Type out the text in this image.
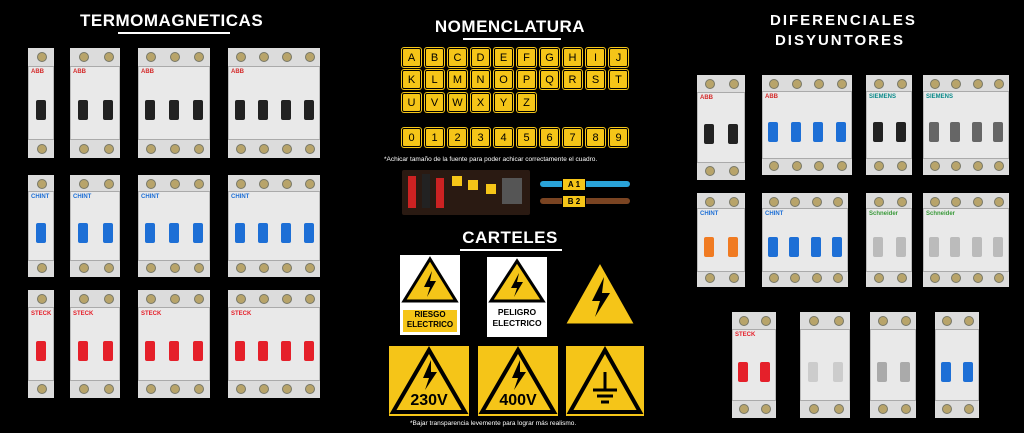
TERMOMAGNETICAS	NOMENCLATURA	DIFERENCIALES
DISYUNTORES
CARTELES
ABB	ABB	ABB	ABB
CHINT	CHINT	CHINT	CHINT
STECK	STECK	STECK	STECK
ABB	ABB	SIEMENS	SIEMENS
CHINT	CHINT	Schneider	Schneider
STECK
A	B	C	D	E	F	G	H	I	J
K	L	M	N	O	P	Q	R	S	T
U	V	W	X	Y	Z
0	1	2	3	4	5	6	7	8	9
*Achicar tamaño de la fuente para poder achicar correctamente el cuadro.
*Bajar transparencia levemente para lograr más realismo.
A 1
B 2
RIESGO ELECTRICO
PELIGRO ELECTRICO
230V	400V
